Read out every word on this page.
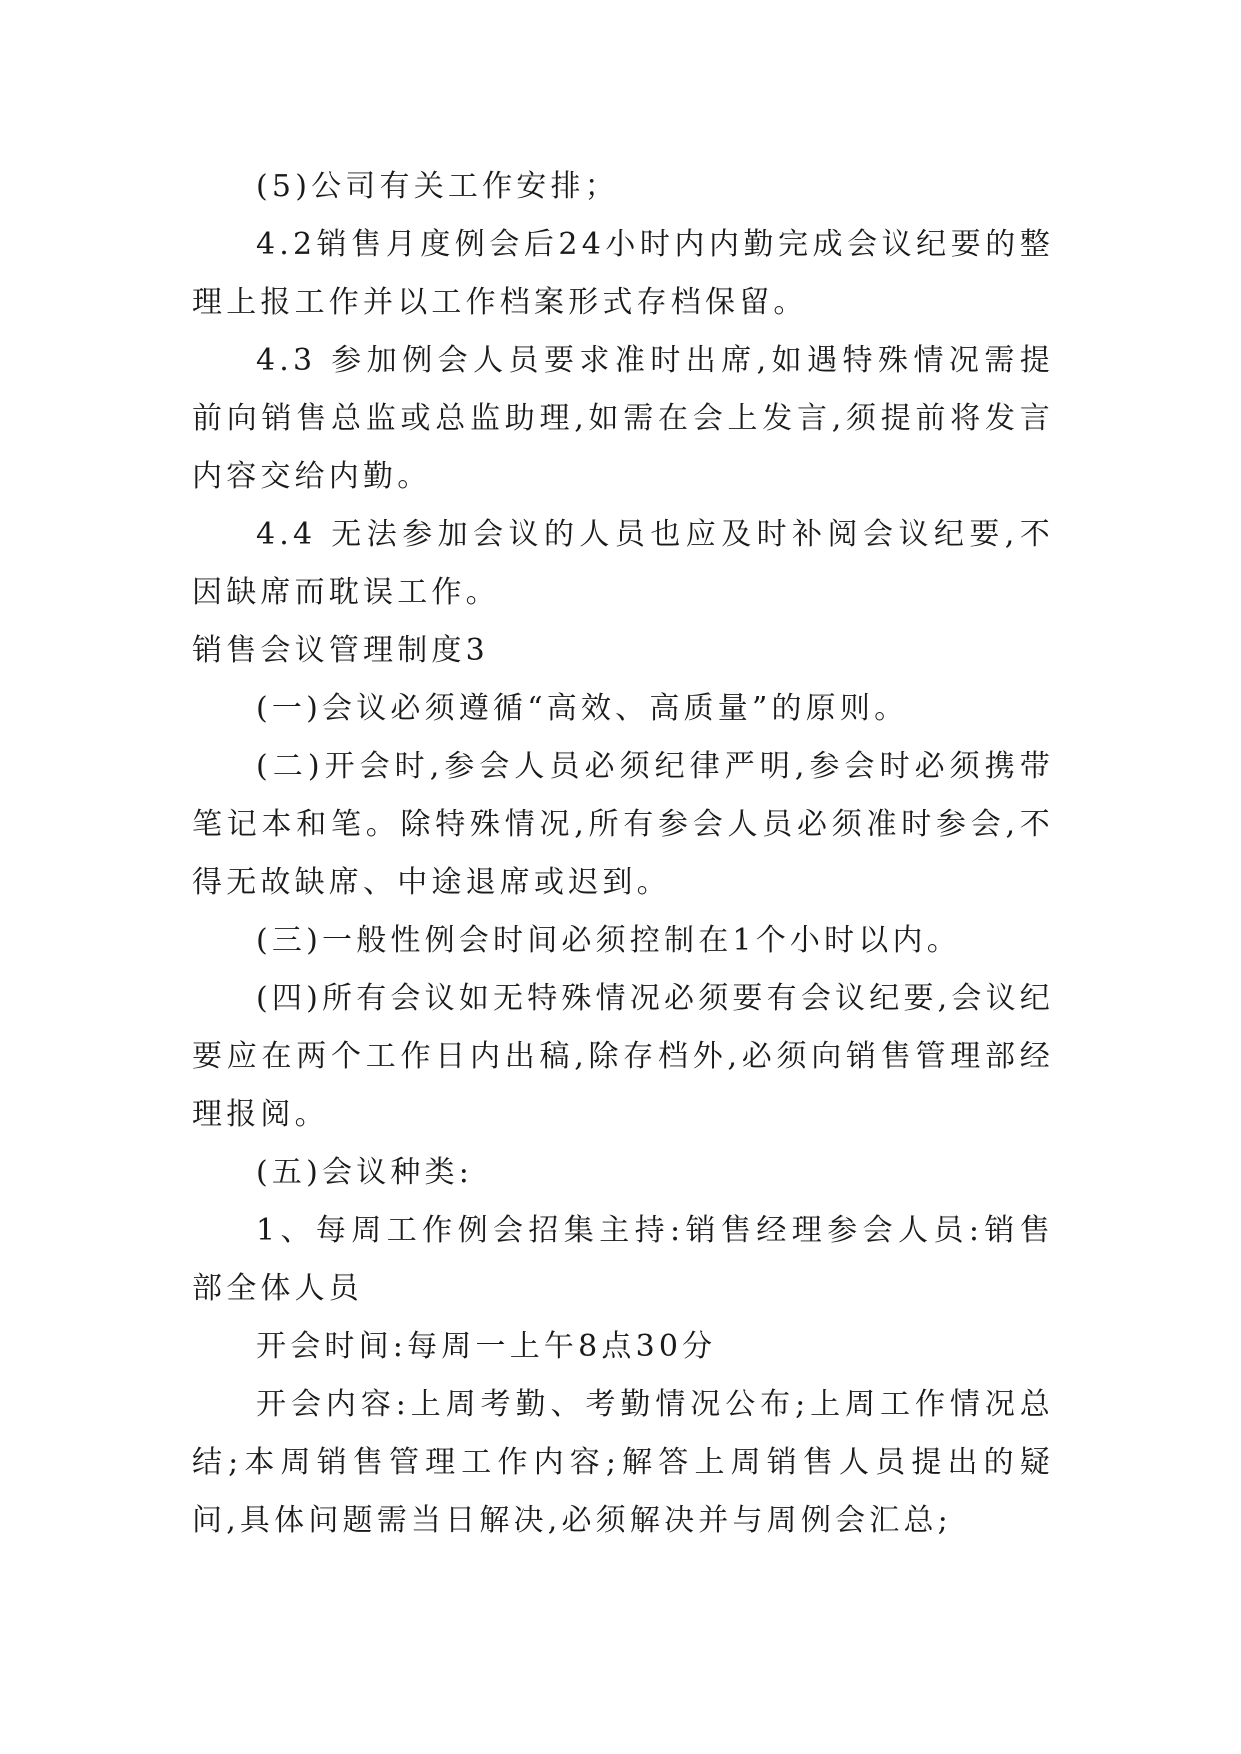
(5)公司有关工作安排；

4.2销售月度例会后24小时内内勤完成会议纪要的整理上报工作并以工作档案形式存档保留。

4.3 参加例会人员要求准时出席,如遇特殊情况需提前向销售总监或总监助理,如需在会上发言,须提前将发言内容交给内勤。

4.4 无法参加会议的人员也应及时补阅会议纪要,不因缺席而耽误工作。

销售会议管理制度3

(一)会议必须遵循“高效、高质量”的原则。

(二)开会时,参会人员必须纪律严明,参会时必须携带笔记本和笔。除特殊情况,所有参会人员必须准时参会,不得无故缺席、中途退席或迟到。

(三)一般性例会时间必须控制在1个小时以内。

(四)所有会议如无特殊情况必须要有会议纪要,会议纪要应在两个工作日内出稿,除存档外,必须向销售管理部经理报阅。

(五)会议种类:

1、每周工作例会招集主持:销售经理参会人员:销售部全体人员

开会时间:每周一上午8点30分

开会内容:上周考勤、考勤情况公布;上周工作情况总结;本周销售管理工作内容;解答上周销售人员提出的疑问,具体问题需当日解决,必须解决并与周例会汇总;
